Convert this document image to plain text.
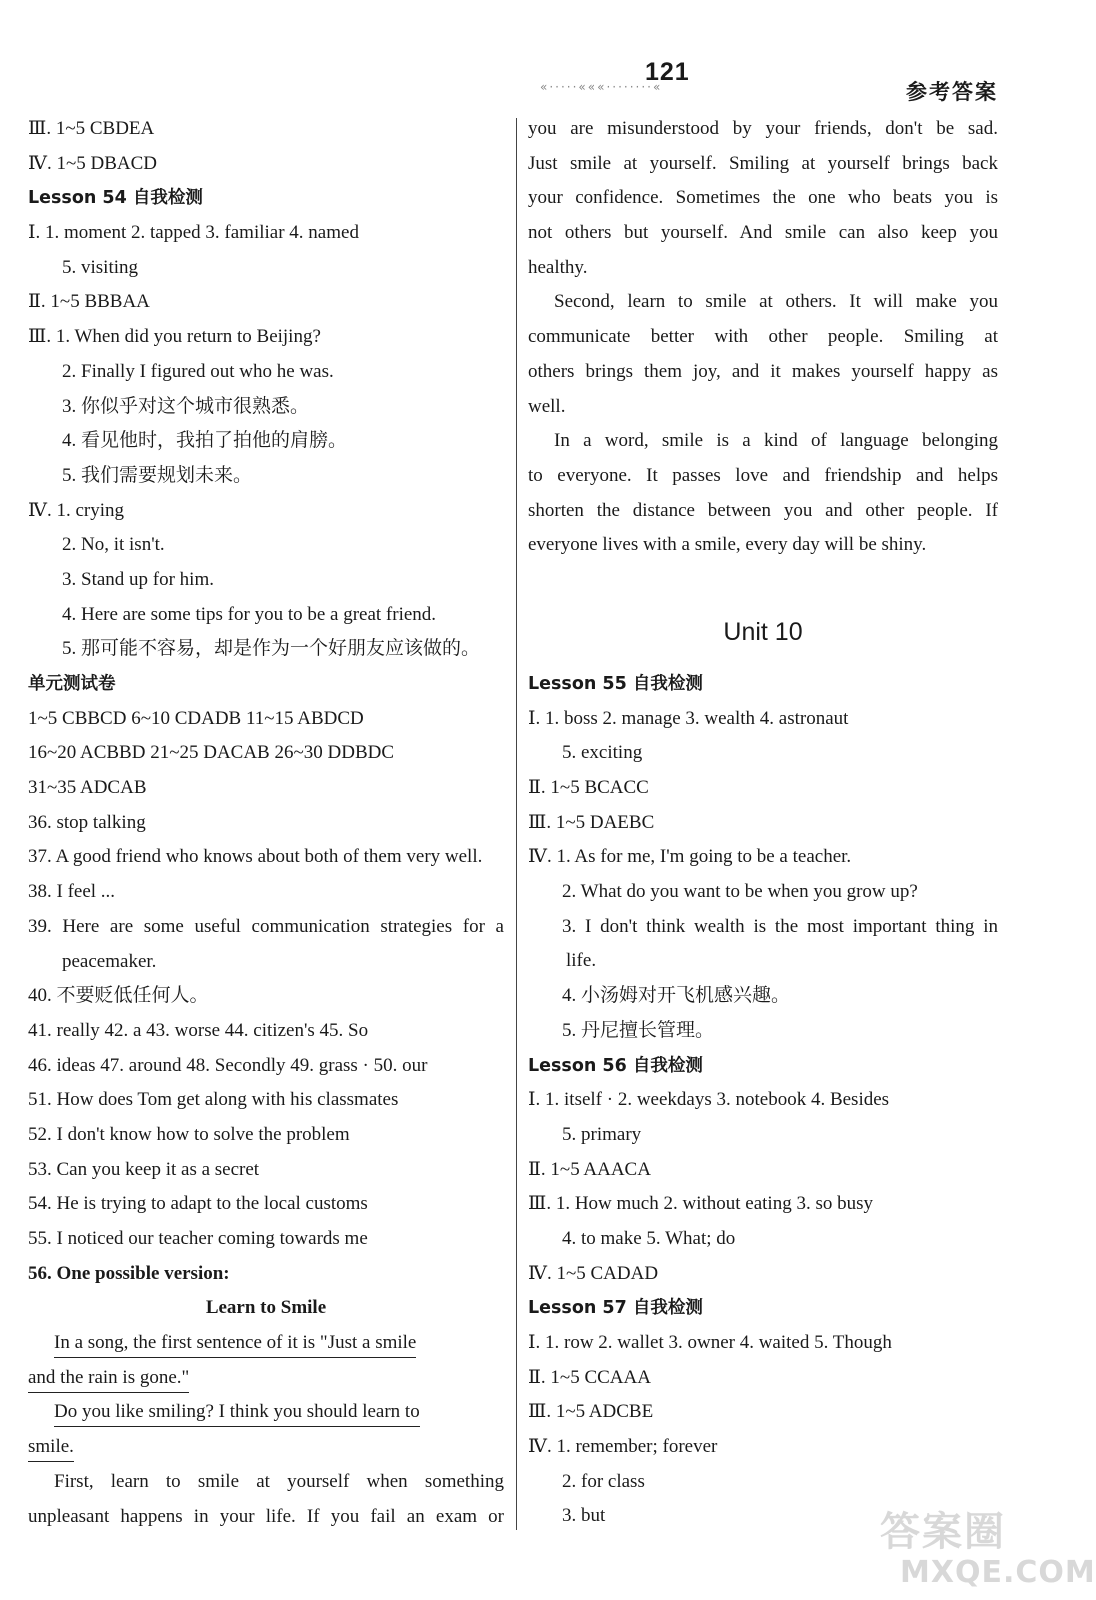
121
«·····«««········«	参考答案
Ⅲ. 1~5 CBDEA
Ⅳ. 1~5 DBACD
Lesson 54 自我检测
Ⅰ. 1. moment 2. tapped 3. familiar 4. named
5. visiting
Ⅱ. 1~5 BBBAA
Ⅲ. 1. When did you return to Beijing?
2. Finally I figured out who he was.
3. 你似乎对这个城市很熟悉。
4. 看见他时，我拍了拍他的肩膀。
5. 我们需要规划未来。
Ⅳ. 1. crying
2. No, it isn't.
3. Stand up for him.
4. Here are some tips for you to be a great friend.
5. 那可能不容易，却是作为一个好朋友应该做的。
单元测试卷
1~5 CBBCD 6~10 CDADB 11~15 ABDCD
16~20 ACBBD 21~25 DACAB 26~30 DDBDC
31~35 ADCAB
36. stop talking
37. A good friend who knows about both of them very well.
38. I feel ...
39. Here are some useful communication strategies for a
peacemaker.
40. 不要贬低任何人。
41. really 42. a 43. worse 44. citizen's 45. So
46. ideas 47. around 48. Secondly 49. grass · 50. our
51. How does Tom get along with his classmates
52. I don't know how to solve the problem
53. Can you keep it as a secret
54. He is trying to adapt to the local customs
55. I noticed our teacher coming towards me
56. One possible version:
Learn to Smile
In a song, the first sentence of it is "Just a smile
and the rain is gone."
Do you like smiling? I think you should learn to
smile.
First, learn to smile at yourself when something
unpleasant happens in your life. If you fail an exam or
you are misunderstood by your friends, don't be sad.
Just smile at yourself. Smiling at yourself brings back
your confidence. Sometimes the one who beats you is
not others but yourself. And smile can also keep you
healthy.
Second, learn to smile at others. It will make you
communicate better with other people. Smiling at
others brings them joy, and it makes yourself happy as
well.
In a word, smile is a kind of language belonging
to everyone. It passes love and friendship and helps
shorten the distance between you and other people. If
everyone lives with a smile, every day will be shiny.
Unit 10
Lesson 55 自我检测
Ⅰ. 1. boss 2. manage 3. wealth 4. astronaut
5. exciting
Ⅱ. 1~5 BCACC
Ⅲ. 1~5 DAEBC
Ⅳ. 1. As for me, I'm going to be a teacher.
2. What do you want to be when you grow up?
3. I don't think wealth is the most important thing in
life.
4. 小汤姆对开飞机感兴趣。
5. 丹尼擅长管理。
Lesson 56 自我检测
Ⅰ. 1. itself · 2. weekdays 3. notebook 4. Besides
5. primary
Ⅱ. 1~5 AAACA
Ⅲ. 1. How much 2. without eating 3. so busy
4. to make 5. What; do
Ⅳ. 1~5 CADAD
Lesson 57 自我检测
Ⅰ. 1. row 2. wallet 3. owner 4. waited 5. Though
Ⅱ. 1~5 CCAAA
Ⅲ. 1~5 ADCBE
Ⅳ. 1. remember; forever
2. for class
3. but	答案圈
MXQE.COM
